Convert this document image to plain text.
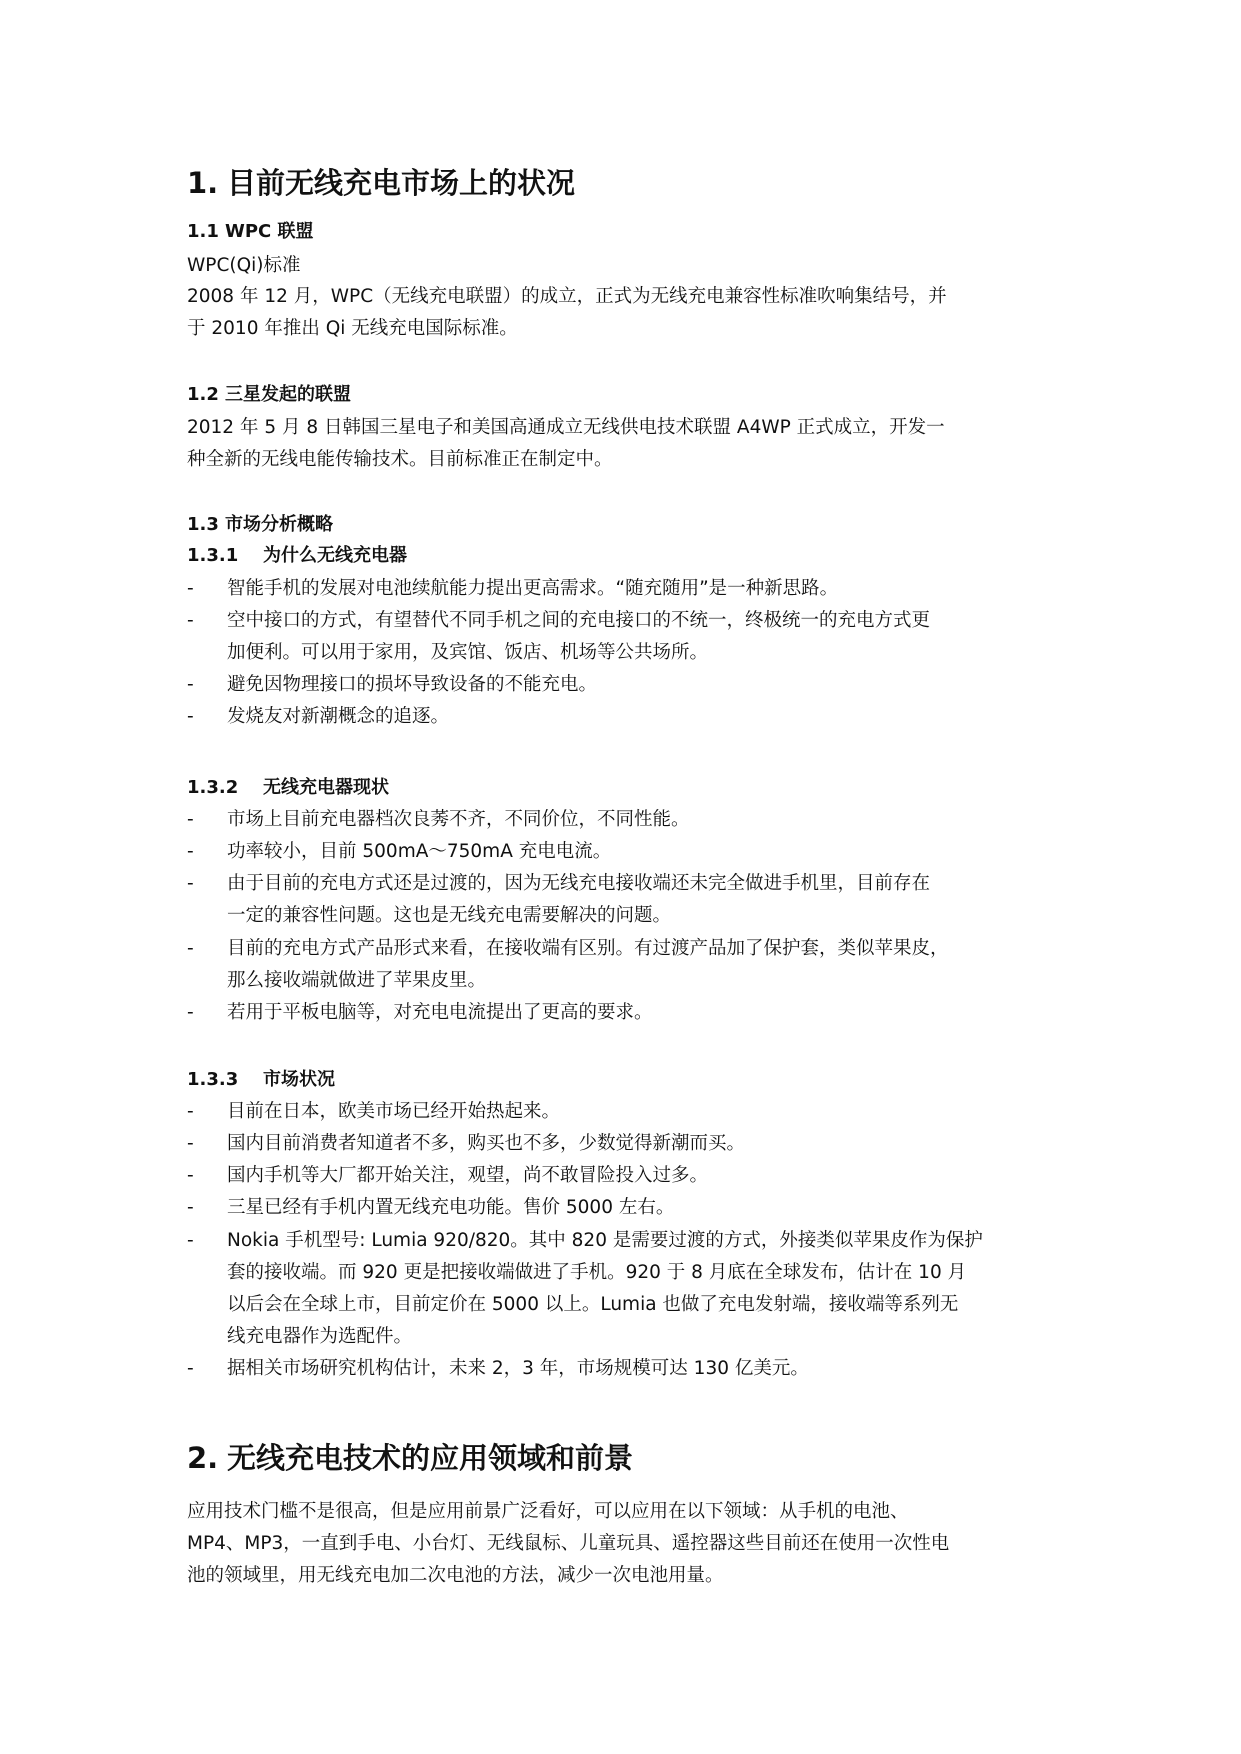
1. 目前无线充电市场上的状况
1.1 WPC 联盟
WPC(Qi)标准
2008 年 12 月，WPC（无线充电联盟）的成立，正式为无线充电兼容性标准吹响集结号，并
于 2010 年推出 Qi 无线充电国际标准。
1.2 三星发起的联盟
2012 年 5 月 8 日韩国三星电子和美国高通成立无线供电技术联盟 A4WP 正式成立，开发一
种全新的无线电能传输技术。目前标准正在制定中。
1.3 市场分析概略
1.3.1 为什么无线充电器
-	智能手机的发展对电池续航能力提出更高需求。“随充随用”是一种新思路。
-	空中接口的方式，有望替代不同手机之间的充电接口的不统一，终极统一的充电方式更
加便利。可以用于家用，及宾馆、饭店、机场等公共场所。
-	避免因物理接口的损坏导致设备的不能充电。
-	发烧友对新潮概念的追逐。
1.3.2 无线充电器现状
-	市场上目前充电器档次良莠不齐，不同价位，不同性能。
-	功率较小，目前 500mA～750mA 充电电流。
-	由于目前的充电方式还是过渡的，因为无线充电接收端还未完全做进手机里，目前存在
一定的兼容性问题。这也是无线充电需要解决的问题。
-	目前的充电方式产品形式来看，在接收端有区别。有过渡产品加了保护套，类似苹果皮，
那么接收端就做进了苹果皮里。
-	若用于平板电脑等，对充电电流提出了更高的要求。
1.3.3 市场状况
-	目前在日本，欧美市场已经开始热起来。
-	国内目前消费者知道者不多，购买也不多，少数觉得新潮而买。
-	国内手机等大厂都开始关注，观望，尚不敢冒险投入过多。
-	三星已经有手机内置无线充电功能。售价 5000 左右。
-	Nokia 手机型号: Lumia 920/820。其中 820 是需要过渡的方式，外接类似苹果皮作为保护
套的接收端。而 920 更是把接收端做进了手机。920 于 8 月底在全球发布，估计在 10 月
以后会在全球上市，目前定价在 5000 以上。Lumia 也做了充电发射端，接收端等系列无
线充电器作为选配件。
-	据相关市场研究机构估计，未来 2，3 年，市场规模可达 130 亿美元。
2. 无线充电技术的应用领域和前景
应用技术门槛不是很高，但是应用前景广泛看好，可以应用在以下领域：从手机的电池、
MP4、MP3，一直到手电、小台灯、无线鼠标、儿童玩具、遥控器这些目前还在使用一次性电
池的领域里，用无线充电加二次电池的方法，减少一次电池用量。
